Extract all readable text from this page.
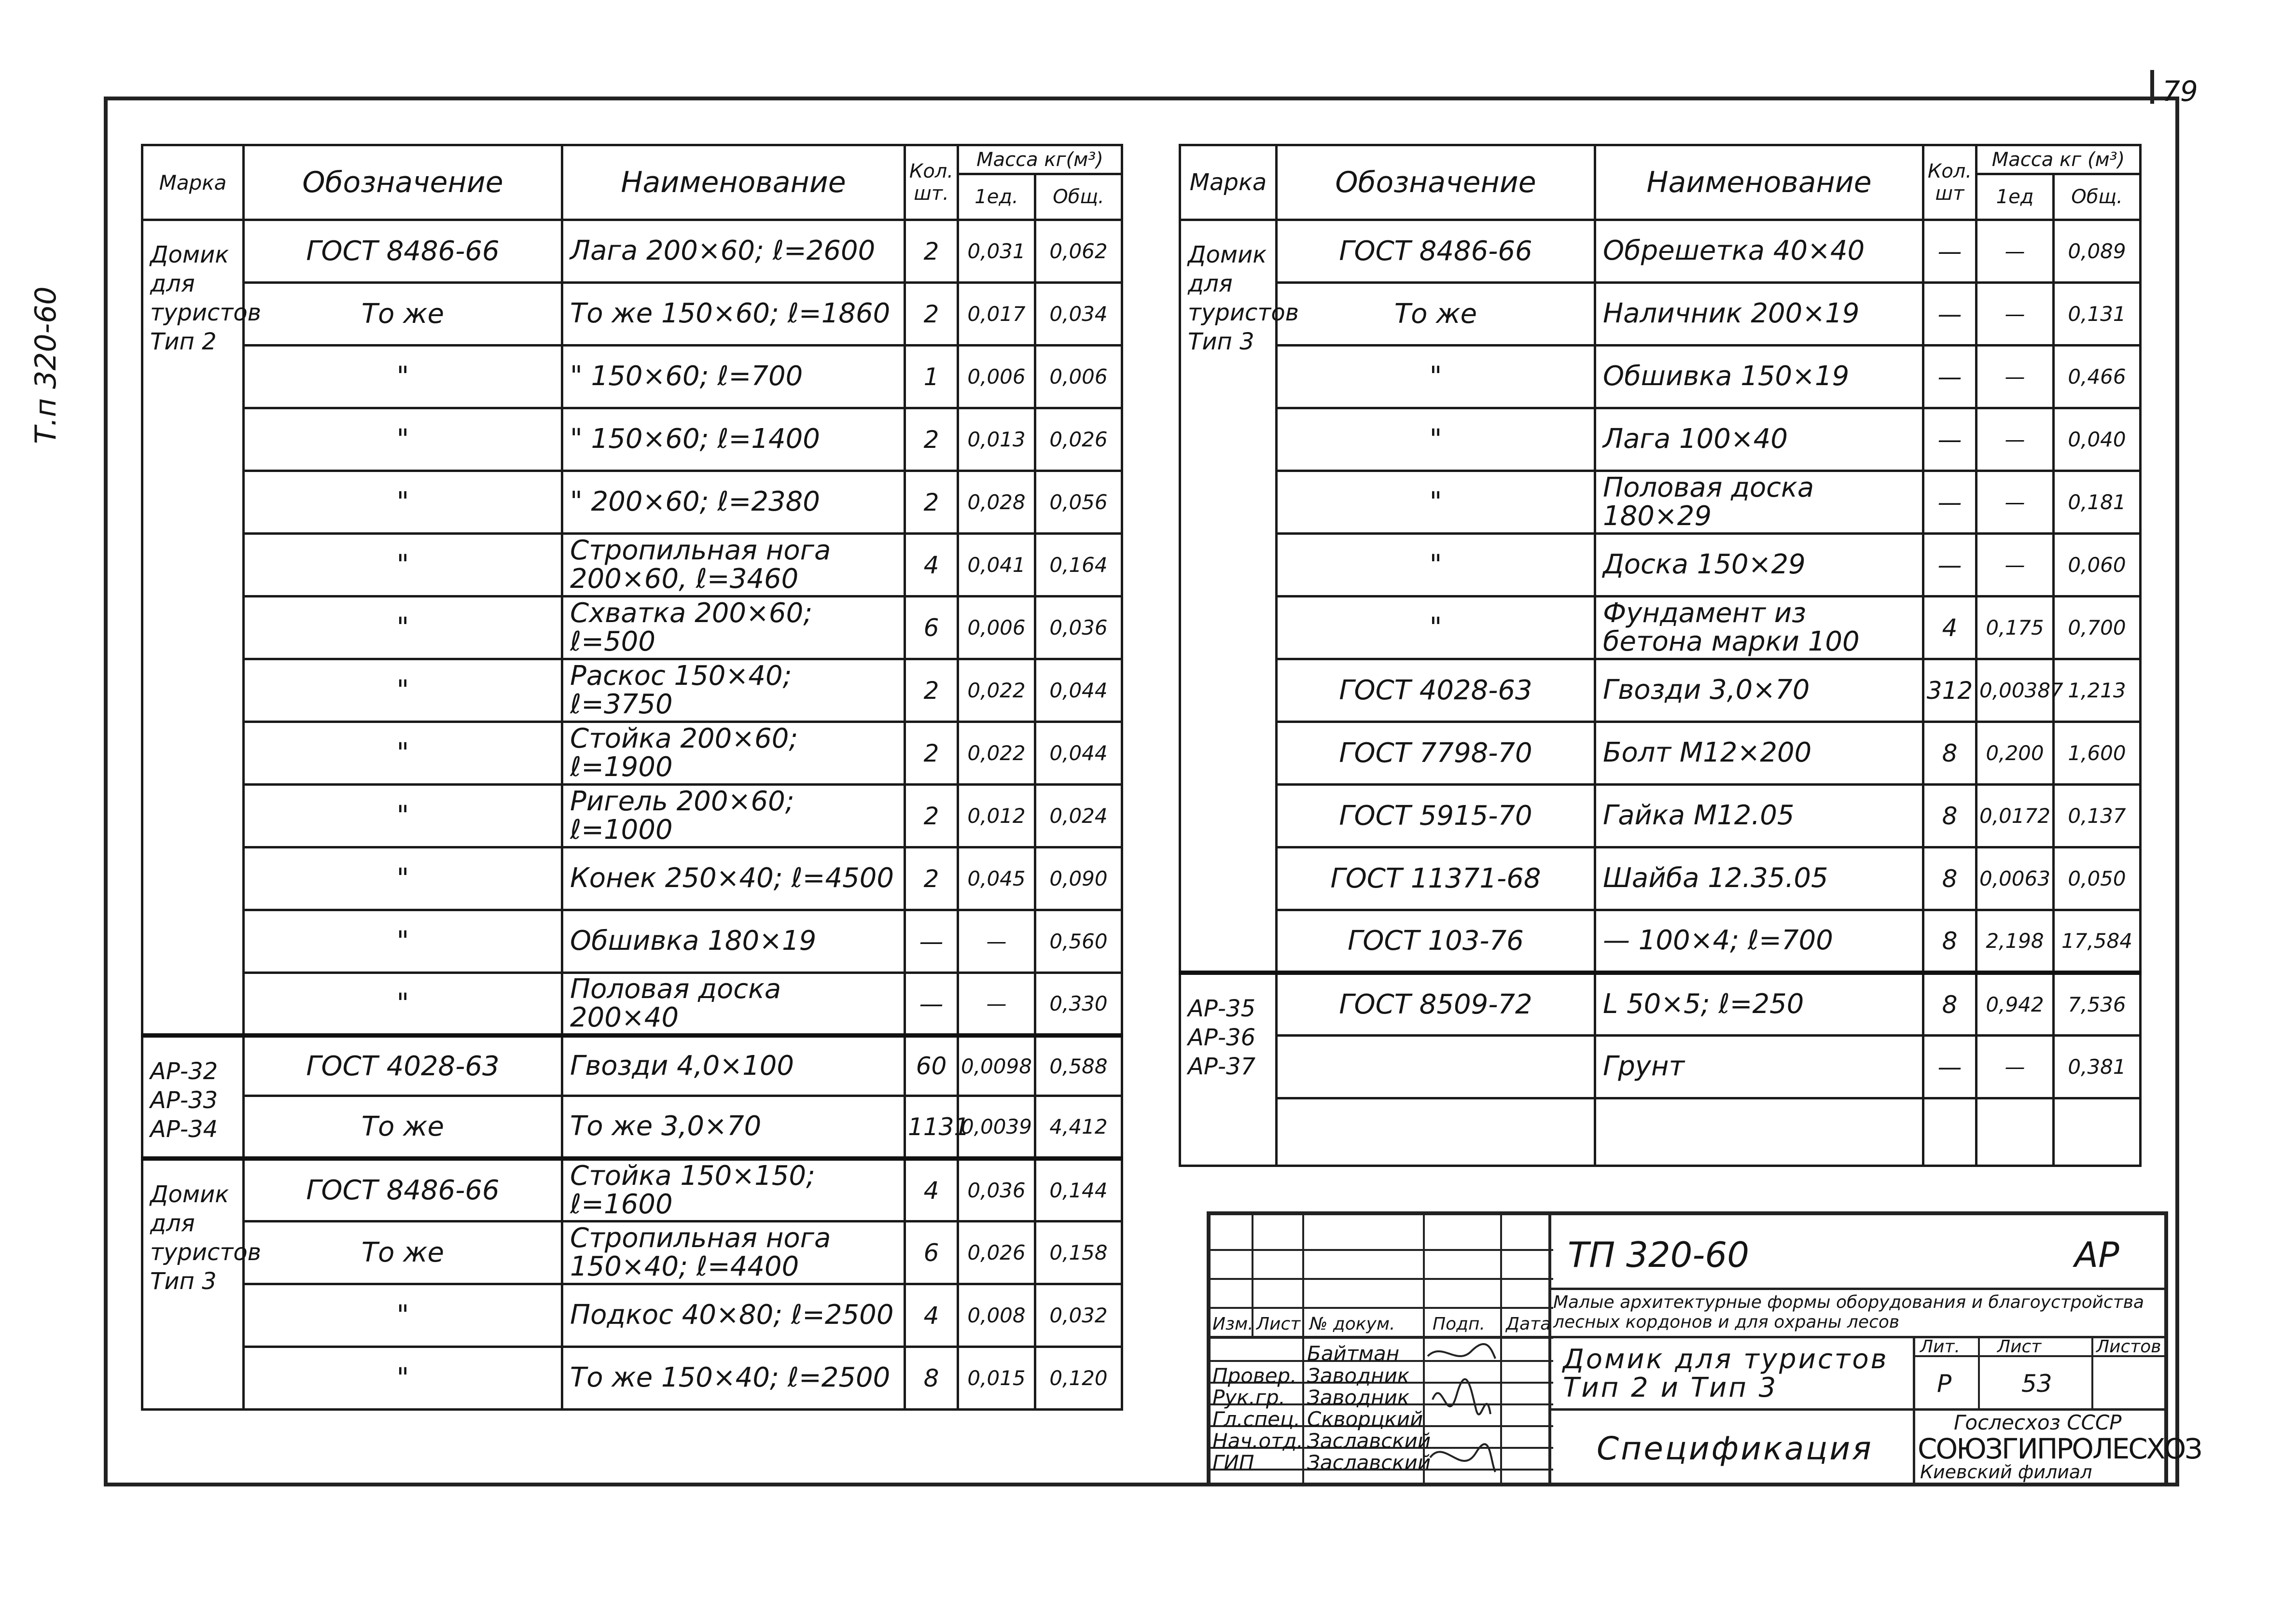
79
Т.п 320-60
Марка	Обозначение	Наименование	Кол. шт.	Масса кг(м³)	
				1ед.	Общ.
Домик
для
туристов
Тип 2	ГОСТ 8486-66	Лага 200×60; ℓ=2600	2	0,031	0,062
	То же	То же 150×60; ℓ=1860	2	0,017	0,034
	"	" 150×60; ℓ=700	1	0,006	0,006
	"	" 150×60; ℓ=1400	2	0,013	0,026
	"	" 200×60; ℓ=2380	2	0,028	0,056
	"	Стропильная нога
200×60, ℓ=3460	4	0,041	0,164
	"	Схватка 200×60; ℓ=500	6	0,006	0,036
	"	Раскос 150×40; ℓ=3750	2	0,022	0,044
	"	Стойка 200×60; ℓ=1900	2	0,022	0,044
	"	Ригель 200×60; ℓ=1000	2	0,012	0,024
	"	Конек 250×40; ℓ=4500	2	0,045	0,090
	"	Обшивка 180×19	—	—	0,560
	"	Половая доска 200×40	—	—	0,330
АР-32
АР-33
АР-34	ГОСТ 4028-63	Гвозди 4,0×100	60	0,0098	0,588
	То же	То же 3,0×70	1131	0,0039	4,412
Домик
для
туристов
Тип 3	ГОСТ 8486-66	Стойка 150×150; ℓ=1600	4	0,036	0,144
	То же	Стропильная нога
150×40; ℓ=4400	6	0,026	0,158
	"	Подкос 40×80; ℓ=2500	4	0,008	0,032
	"	То же 150×40; ℓ=2500	8	0,015	0,120
Марка	Обозначение	Наименование	Кол. шт	Масса кг (м³)	
				1ед	Общ.
Домик
для
туристов
Тип 3	ГОСТ 8486-66	Обрешетка 40×40	—	—	0,089
	То же	Наличник 200×19	—	—	0,131
	"	Обшивка 150×19	—	—	0,466
	"	Лага 100×40	—	—	0,040
	"	Половая доска 180×29	—	—	0,181
	"	Доска 150×29	—	—	0,060
	"	Фундамент из
бетона марки 100	4	0,175	0,700
	ГОСТ 4028-63	Гвозди 3,0×70	312	0,00387	1,213
	ГОСТ 7798-70	Болт М12×200	8	0,200	1,600
	ГОСТ 5915-70	Гайка М12.05	8	0,0172	0,137
	ГОСТ 11371-68	Шайба 12.35.05	8	0,0063	0,050
	ГОСТ 103-76	— 100×4; ℓ=700	8	2,198	17,584
АР-35
АР-36
АР-37	ГОСТ 8509-72	L 50×5; ℓ=250	8	0,942	7,536
		Грунт	—	—	0,381

Изм. Лист № докум. Подп. Дата
Байтман
Провер. Заводник
Рук.гр. Заводник
Гл.спец. Скворцкий
Нач.отд. Заславский
ГИП	Заславский
ТП 320-60	АР
Малые архитектурные формы оборудования и благоустройства лесных кордонов и для охраны лесов
Домик для туристов Тип 2 и Тип 3
Лит. Лист	Листов
Р	53
Спецификация
Гослесхоз СССР
СОЮЗГИПРОЛЕСХОЗ
Киевский филиал
